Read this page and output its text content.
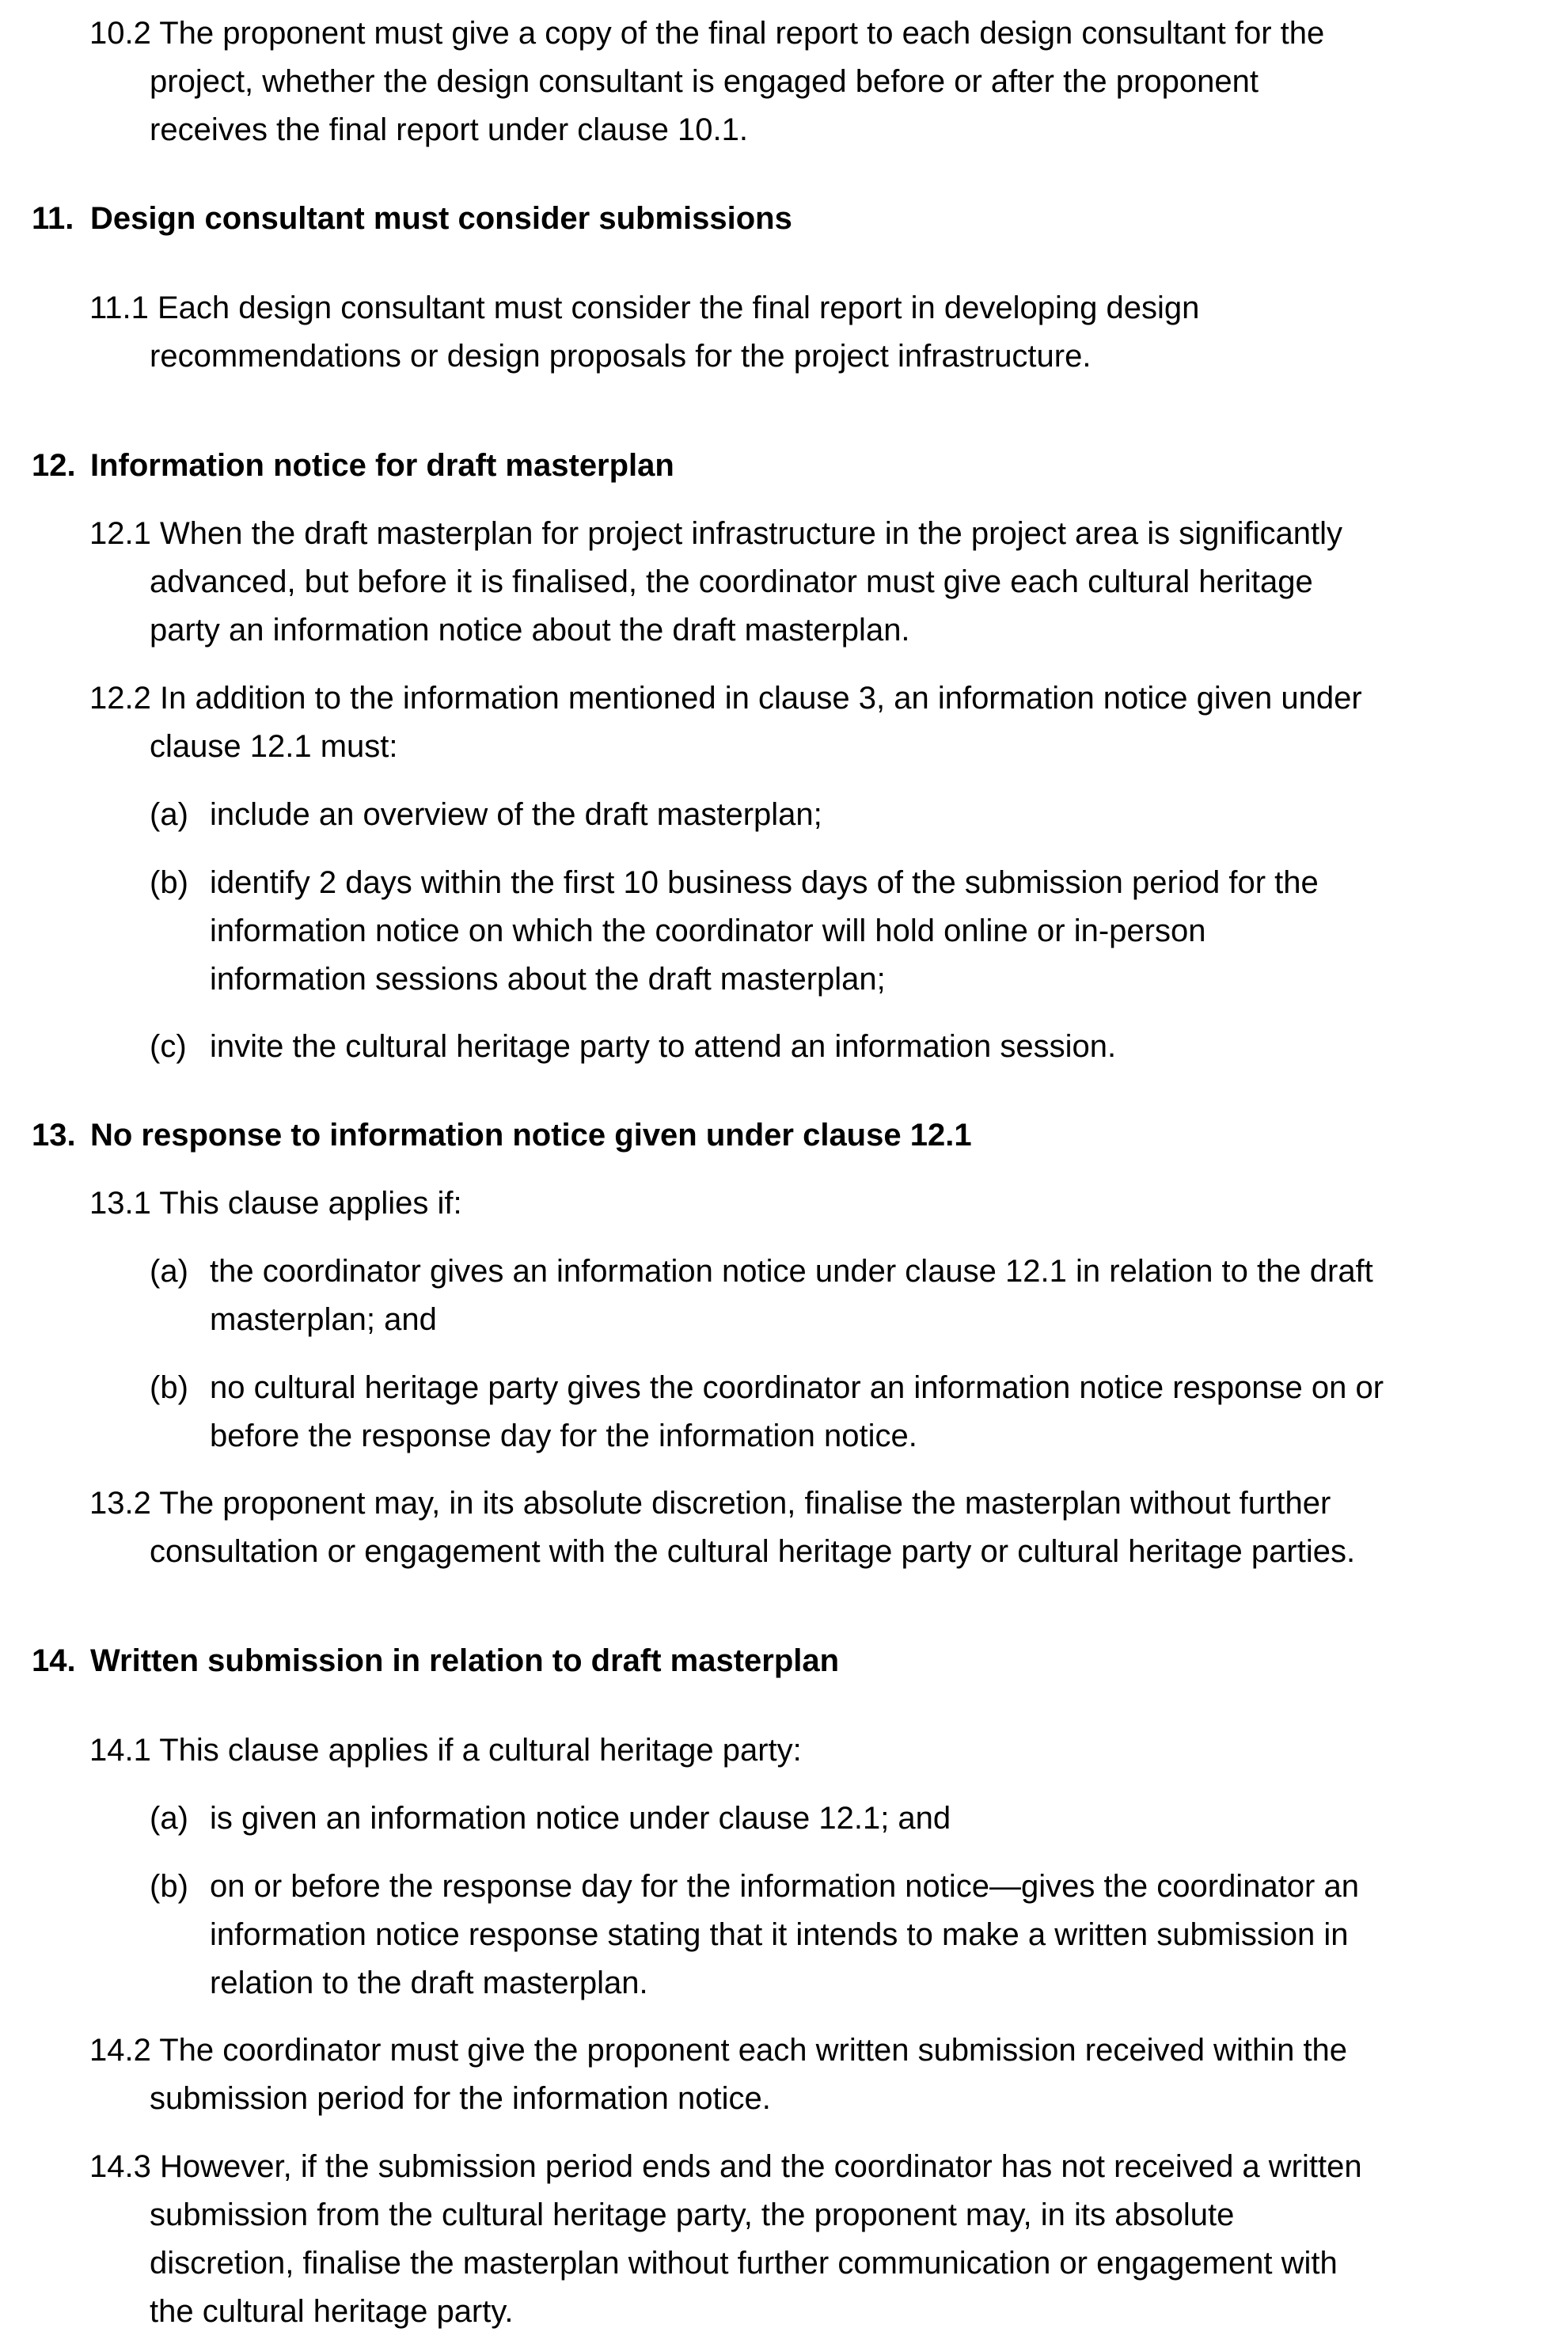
10.2 The proponent must give a copy of the final report to each design consultant for the
project, whether the design consultant is engaged before or after the proponent
receives the final report under clause 10.1.

11. Design consultant must consider submissions

11.1 Each design consultant must consider the final report in developing design
recommendations or design proposals for the project infrastructure.

12. Information notice for draft masterplan

12.1 When the draft masterplan for project infrastructure in the project area is significantly
advanced, but before it is finalised, the coordinator must give each cultural heritage
party an information notice about the draft masterplan.

12.2 In addition to the information mentioned in clause 3, an information notice given under
clause 12.1 must:

(a) include an overview of the draft masterplan;

(b) identify 2 days within the first 10 business days of the submission period for the
information notice on which the coordinator will hold online or in-person
information sessions about the draft masterplan;

(c) invite the cultural heritage party to attend an information session.

13. No response to information notice given under clause 12.1

13.1 This clause applies if:

(a) the coordinator gives an information notice under clause 12.1 in relation to the draft
masterplan; and

(b) no cultural heritage party gives the coordinator an information notice response on or
before the response day for the information notice.

13.2 The proponent may, in its absolute discretion, finalise the masterplan without further
consultation or engagement with the cultural heritage party or cultural heritage parties.

14. Written submission in relation to draft masterplan

14.1 This clause applies if a cultural heritage party:

(a) is given an information notice under clause 12.1; and

(b) on or before the response day for the information notice—gives the coordinator an
information notice response stating that it intends to make a written submission in
relation to the draft masterplan.

14.2 The coordinator must give the proponent each written submission received within the
submission period for the information notice.

14.3 However, if the submission period ends and the coordinator has not received a written
submission from the cultural heritage party, the proponent may, in its absolute
discretion, finalise the masterplan without further communication or engagement with
the cultural heritage party.
